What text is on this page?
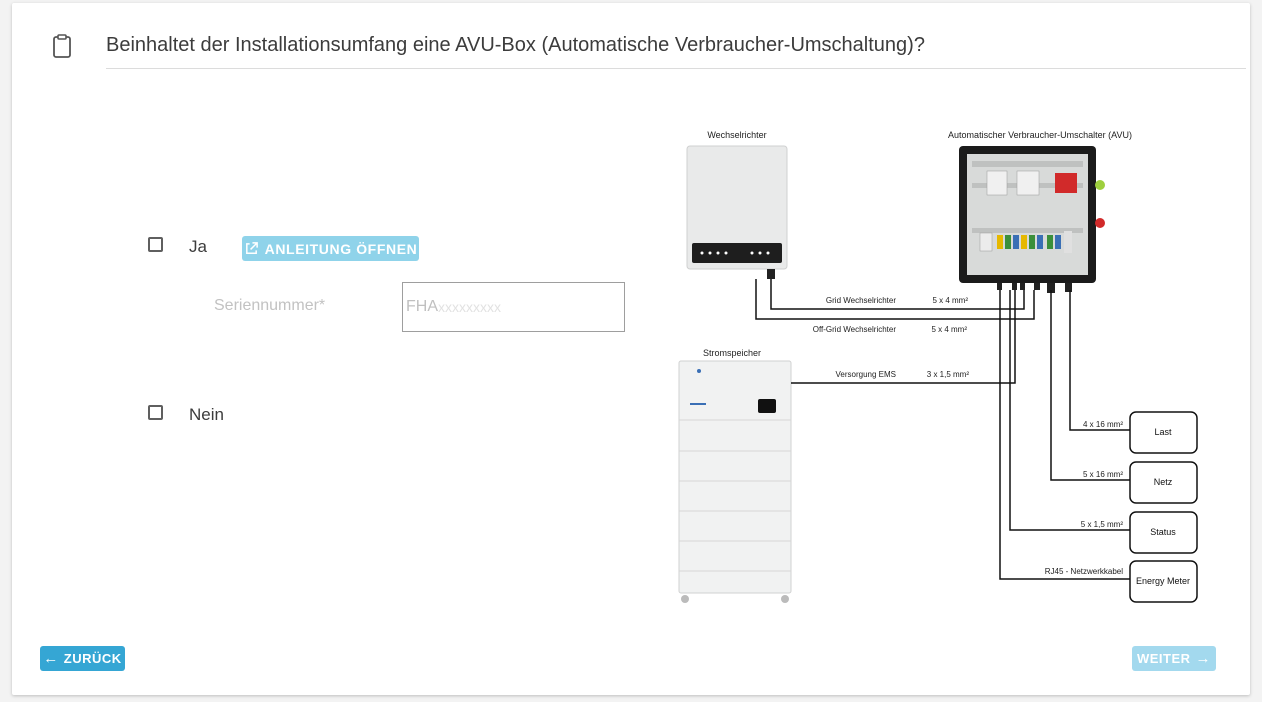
Beinhaltet der Installationsumfang eine AVU-Box (Automatische Verbraucher-Umschaltung)?
Ja	ANLEITUNG ÖFFNEN
Seriennummer*	FHA xxxxxxxxx
Nein
Wechselrichter	Automatischer Verbraucher-Umschalter (AVU)
Stromspeicher
Grid Wechselrichter	5 x 4 mm²
Off-Grid Wechselrichter	5 x 4 mm²
Versorgung EMS	3 x 1,5 mm²
4 x 16 mm²
5 x 16 mm²
5 x 1,5 mm²
RJ45 - Netzwerkkabel
Last
Netz
Status
Energy Meter
← ZURÜCK	WEITER →
